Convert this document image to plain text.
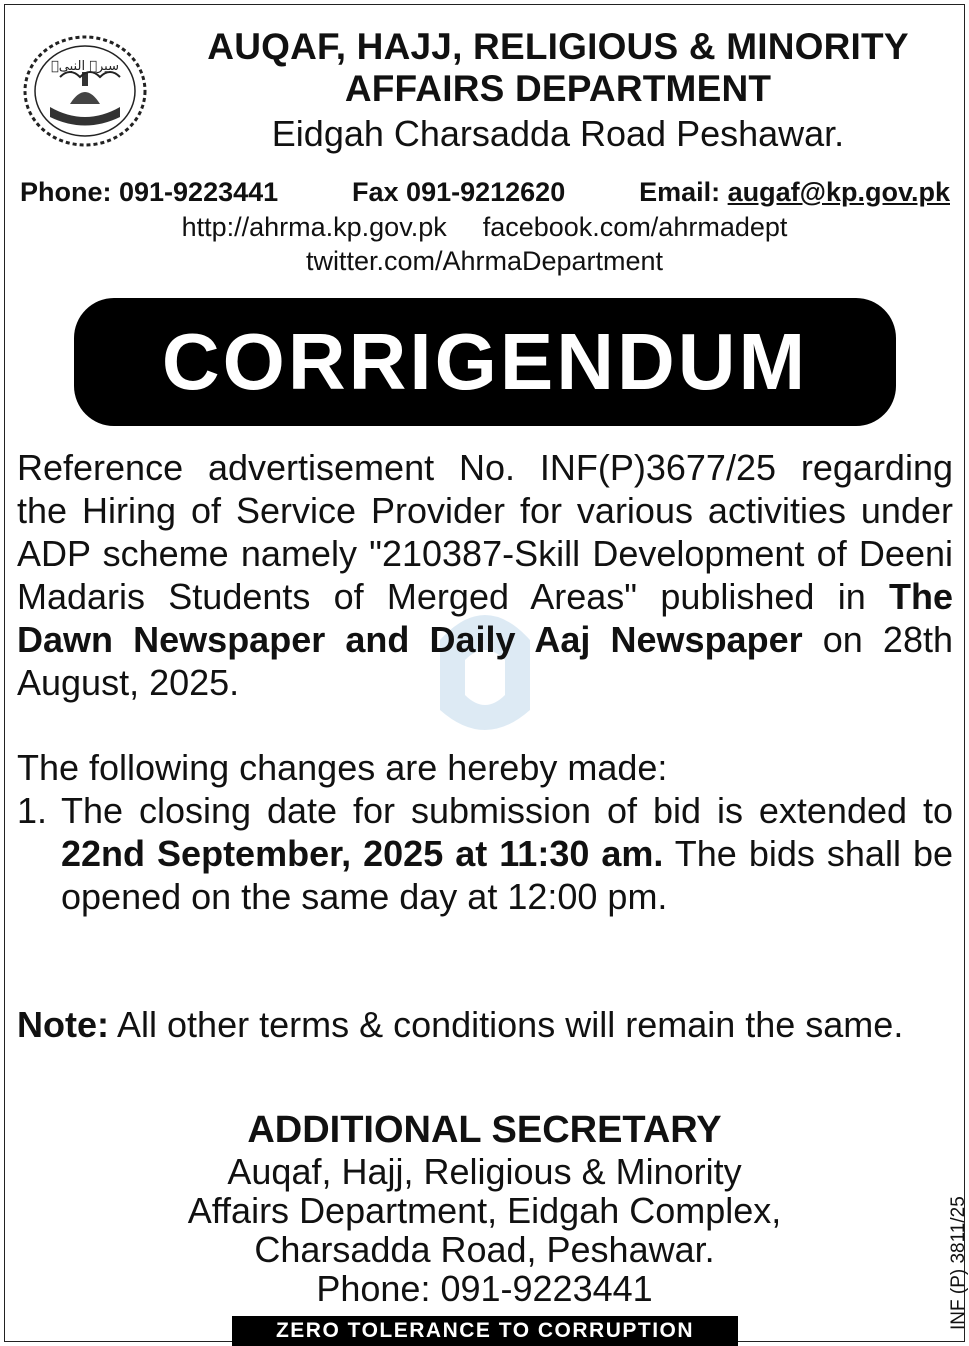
سیرۃ النبیؐ	AUQAF, HAJJ, RELIGIOUS & MINORITY
AFFAIRS DEPARTMENT
Eidgah Charsadda Road Peshawar.
Phone: 091-9223441	Fax 091-9212620	Email: augaf@kp.gov.pk
http://ahrma.kp.gov.pk facebook.com/ahrmadept
twitter.com/AhrmaDepartment
CORRIGENDUM
Reference advertisement No. INF(P)3677/25 regarding the Hiring of Service Provider for various activities under ADP scheme namely "210387-Skill Development of Deeni Madaris Students of Merged Areas" published in The Dawn Newspaper and Daily Aaj Newspaper on 28th August, 2025.
The following changes are hereby made:
1. The closing date for submission of bid is extended to 22nd September, 2025 at 11:30 am. The bids shall be opened on the same day at 12:00 pm.
Note: All other terms & conditions will remain the same.
ADDITIONAL SECRETARY
Auqaf, Hajj, Religious & Minority
Affairs Department, Eidgah Complex,
Charsadda Road, Peshawar.
Phone: 091-9223441
ZERO TOLERANCE TO CORRUPTION
INF (P) 3811/25
